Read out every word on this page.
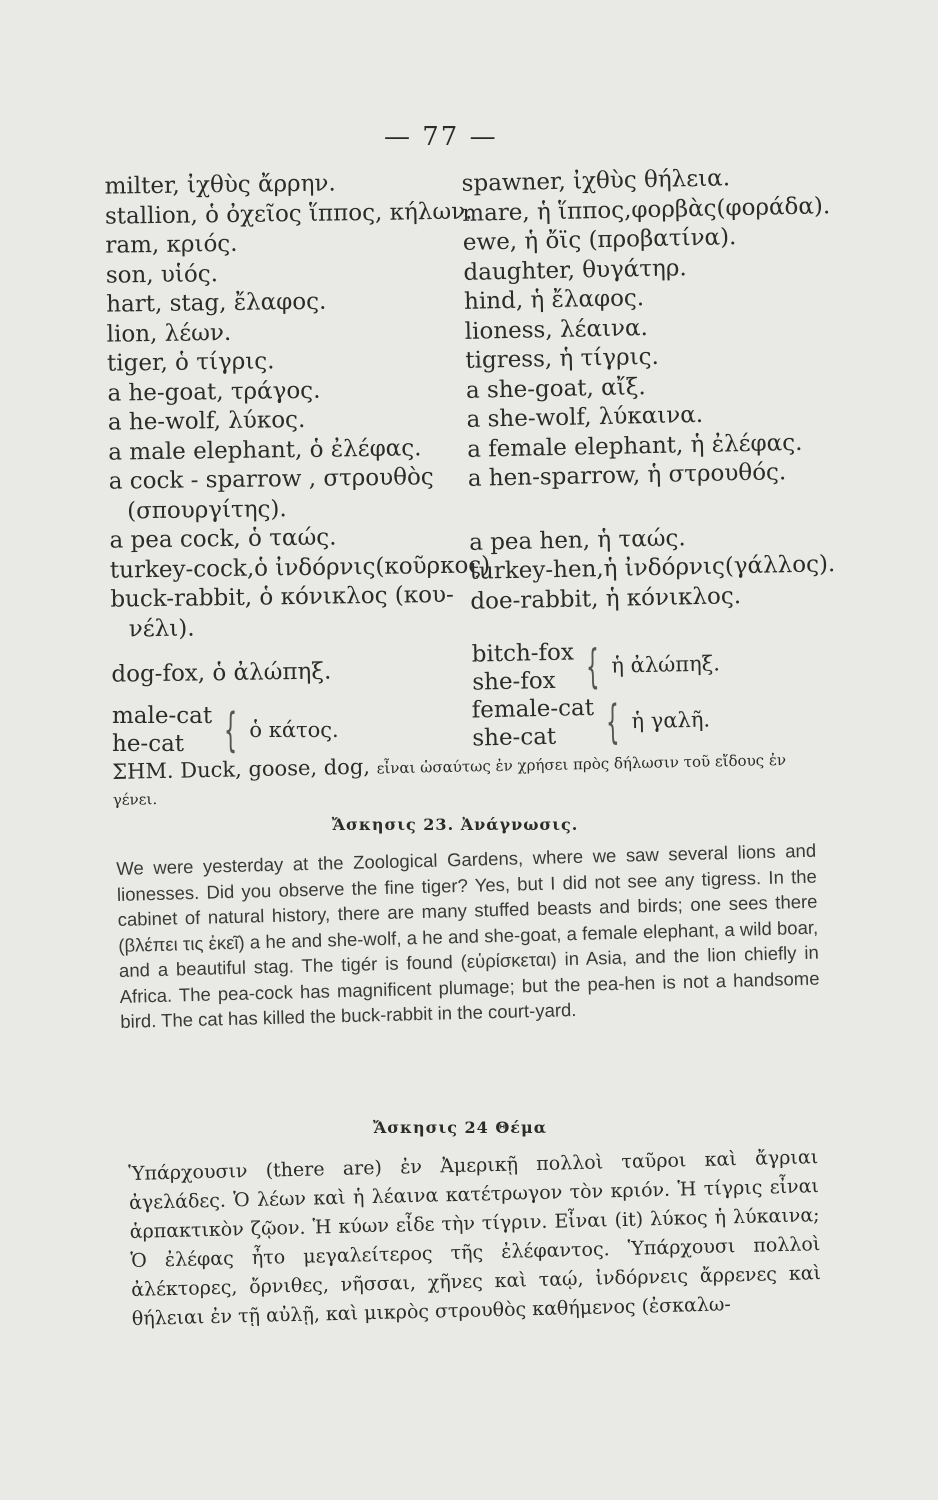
— 77 —
milter, ἰχθὺς ἄρρην.
stallion, ὁ ὀχεῖος ἵππος, κήλων.
ram, κριός.
son, υἱός.
hart, stag, ἔλαφος.
lion, λέων.
tiger, ὁ τίγρις.
a he-goat, τράγος.
a he-wolf, λύκος.
a male elephant, ὁ ἐλέφας.
a cock - sparrow , στρουθὸς
(σπουργίτης).
a pea cock, ὁ ταώς.
turkey-cock,ὁ ἰνδόρνις(κοῦρκος)
buck-rabbit, ὁ κόνικλος (κου-
νέλι).
dog-fox, ὁ ἀλώπηξ.
spawner, ἰχθὺς θήλεια.
mare, ἡ ἵππος,φορβὰς(φοράδα).
ewe, ἡ ὄϊς (προβατίνα).
daughter, θυγάτηρ.
hind, ἡ ἔλαφος.
lioness, λέαινα.
tigress, ἡ τίγρις.
a she-goat, αἴξ.
a she-wolf, λύκαινα.
a female elephant, ἡ ἐλέφας.
a hen-sparrow, ἡ στρουθός.
a pea hen, ἡ ταώς.
turkey-hen,ἡ ἰνδόρνις(γάλλος).
doe-rabbit, ἡ κόνικλος.
male-cat
he-cat { ὁ κάτος.
bitch-fox
she-fox { ἡ ἀλώπηξ.
female-cat
she-cat	{ ἡ γαλῆ.
ΣΗΜ. Duck, goose, dog, εἶναι ὡσαύτως ἐν χρήσει πρὸς δήλωσιν τοῦ εἴδους ἐν γένει.
Ἄσκησις 23. Ἀνάγνωσις.
We were yesterday at the Zoological Gardens, where we saw several lions and lionesses. Did you observe the fine tiger? Yes, but I did not see any tigress. In the cabinet of natural history, there are many stuffed beasts and birds; one sees there (βλέπει τις ἐκεῖ) a he and she-wolf, a he and she-goat, a female elephant, a wild boar, and a beautiful stag. The tigér is found (εὑρίσκεται) in Asia, and the lion chiefly in Africa. The pea-cock has magnificent plumage; but the pea-hen is not a handsome bird. The cat has killed the buck-rabbit in the court-yard.
Ἄσκησις 24 Θέμα
Ὑπάρχουσιν (there are) ἐν Ἀμερικῇ πολλοὶ ταῦροι καὶ ἄγριαι ἀγελάδες. Ὁ λέων καὶ ἡ λέαινα κατέτρωγον τὸν κριόν. Ἡ τίγρις εἶναι ἁρπακτικὸν ζῷον. Ἡ κύων εἶδε τὴν τίγριν. Εἶναι (it) λύκος ἡ λύκαινα; Ὁ ἐλέφας ἦτο μεγαλείτερος τῆς ἐλέφαντος. Ὑπάρχουσι πολλοὶ ἀλέκτορες, ὄρνιθες, νῆσσαι, χῆνες καὶ ταῴ, ἰνδόρνεις ἄρρενες καὶ θήλειαι ἐν τῇ αὐλῇ, καὶ μικρὸς στρουθὸς καθήμενος (ἐσκαλω-
